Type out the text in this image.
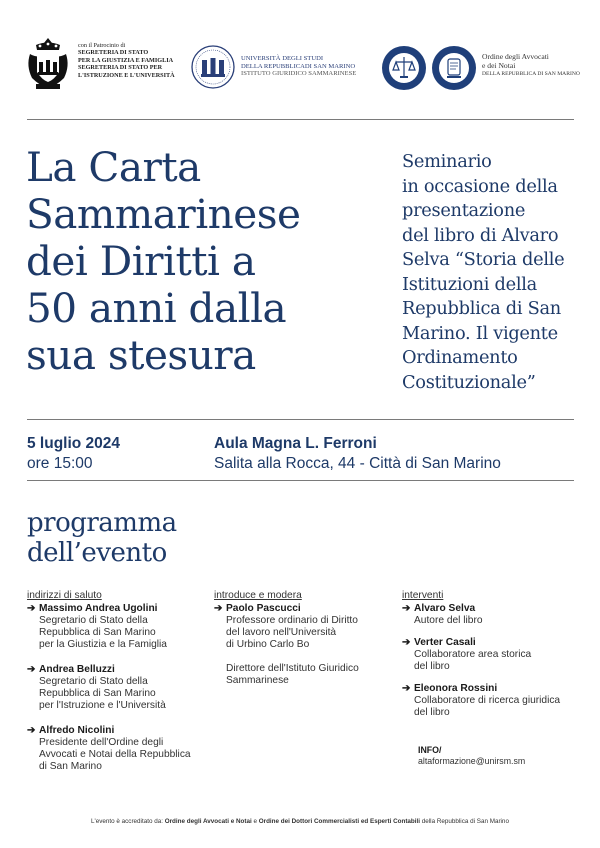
con il Patrocinio di
SEGRETERIA DI STATO
PER LA GIUSTIZIA E FAMIGLIA
SEGRETERIA DI STATO PER
L'ISTRUZIONE E L'UNIVERSITÀ
UNIVERSITÀ DEGLI STUDI
DELLA REPUBBLICADI SAN MARINO
ISTITUTO GIURIDICO SAMMARINESE
Ordine degli Avvocati
e dei Notai
DELLA REPUBBLICA DI SAN MARINO
La Carta
Sammarinese
dei Diritti a
50 anni dalla
sua stesura
Seminario
in occasione della
presentazione
del libro di Alvaro
Selva “Storia delle
Istituzioni della
Repubblica di San
Marino. Il vigente
Ordinamento
Costituzionale”
5 luglio 2024
ore 15:00
Aula Magna L. Ferroni
Salita alla Rocca, 44 - Città di San Marino
programma
dell’evento
indirizzi di saluto
➔ Massimo Andrea Ugolini
Segretario di Stato della
Repubblica di San Marino
per la Giustizia e la Famiglia
➔ Andrea Belluzzi
Segretario di Stato della
Repubblica di San Marino
per l'Istruzione e l'Università
➔ Alfredo Nicolini
Presidente dell'Ordine degli
Avvocati e Notai della Repubblica
di San Marino
introduce e modera
➔ Paolo Pascucci
Professore ordinario di Diritto
del lavoro nell'Università
di Urbino Carlo Bo
Direttore dell'Istituto Giuridico
Sammarinese
interventi
➔ Alvaro Selva
Autore del libro
➔ Verter Casali
Collaboratore area storica
del libro
➔ Eleonora Rossini
Collaboratore di ricerca giuridica
del libro
INFO/
altaformazione@unirsm.sm
L'evento è accreditato da: Ordine degli Avvocati e Notai e Ordine dei Dottori Commercialisti ed Esperti Contabili della Repubblica di San Marino
